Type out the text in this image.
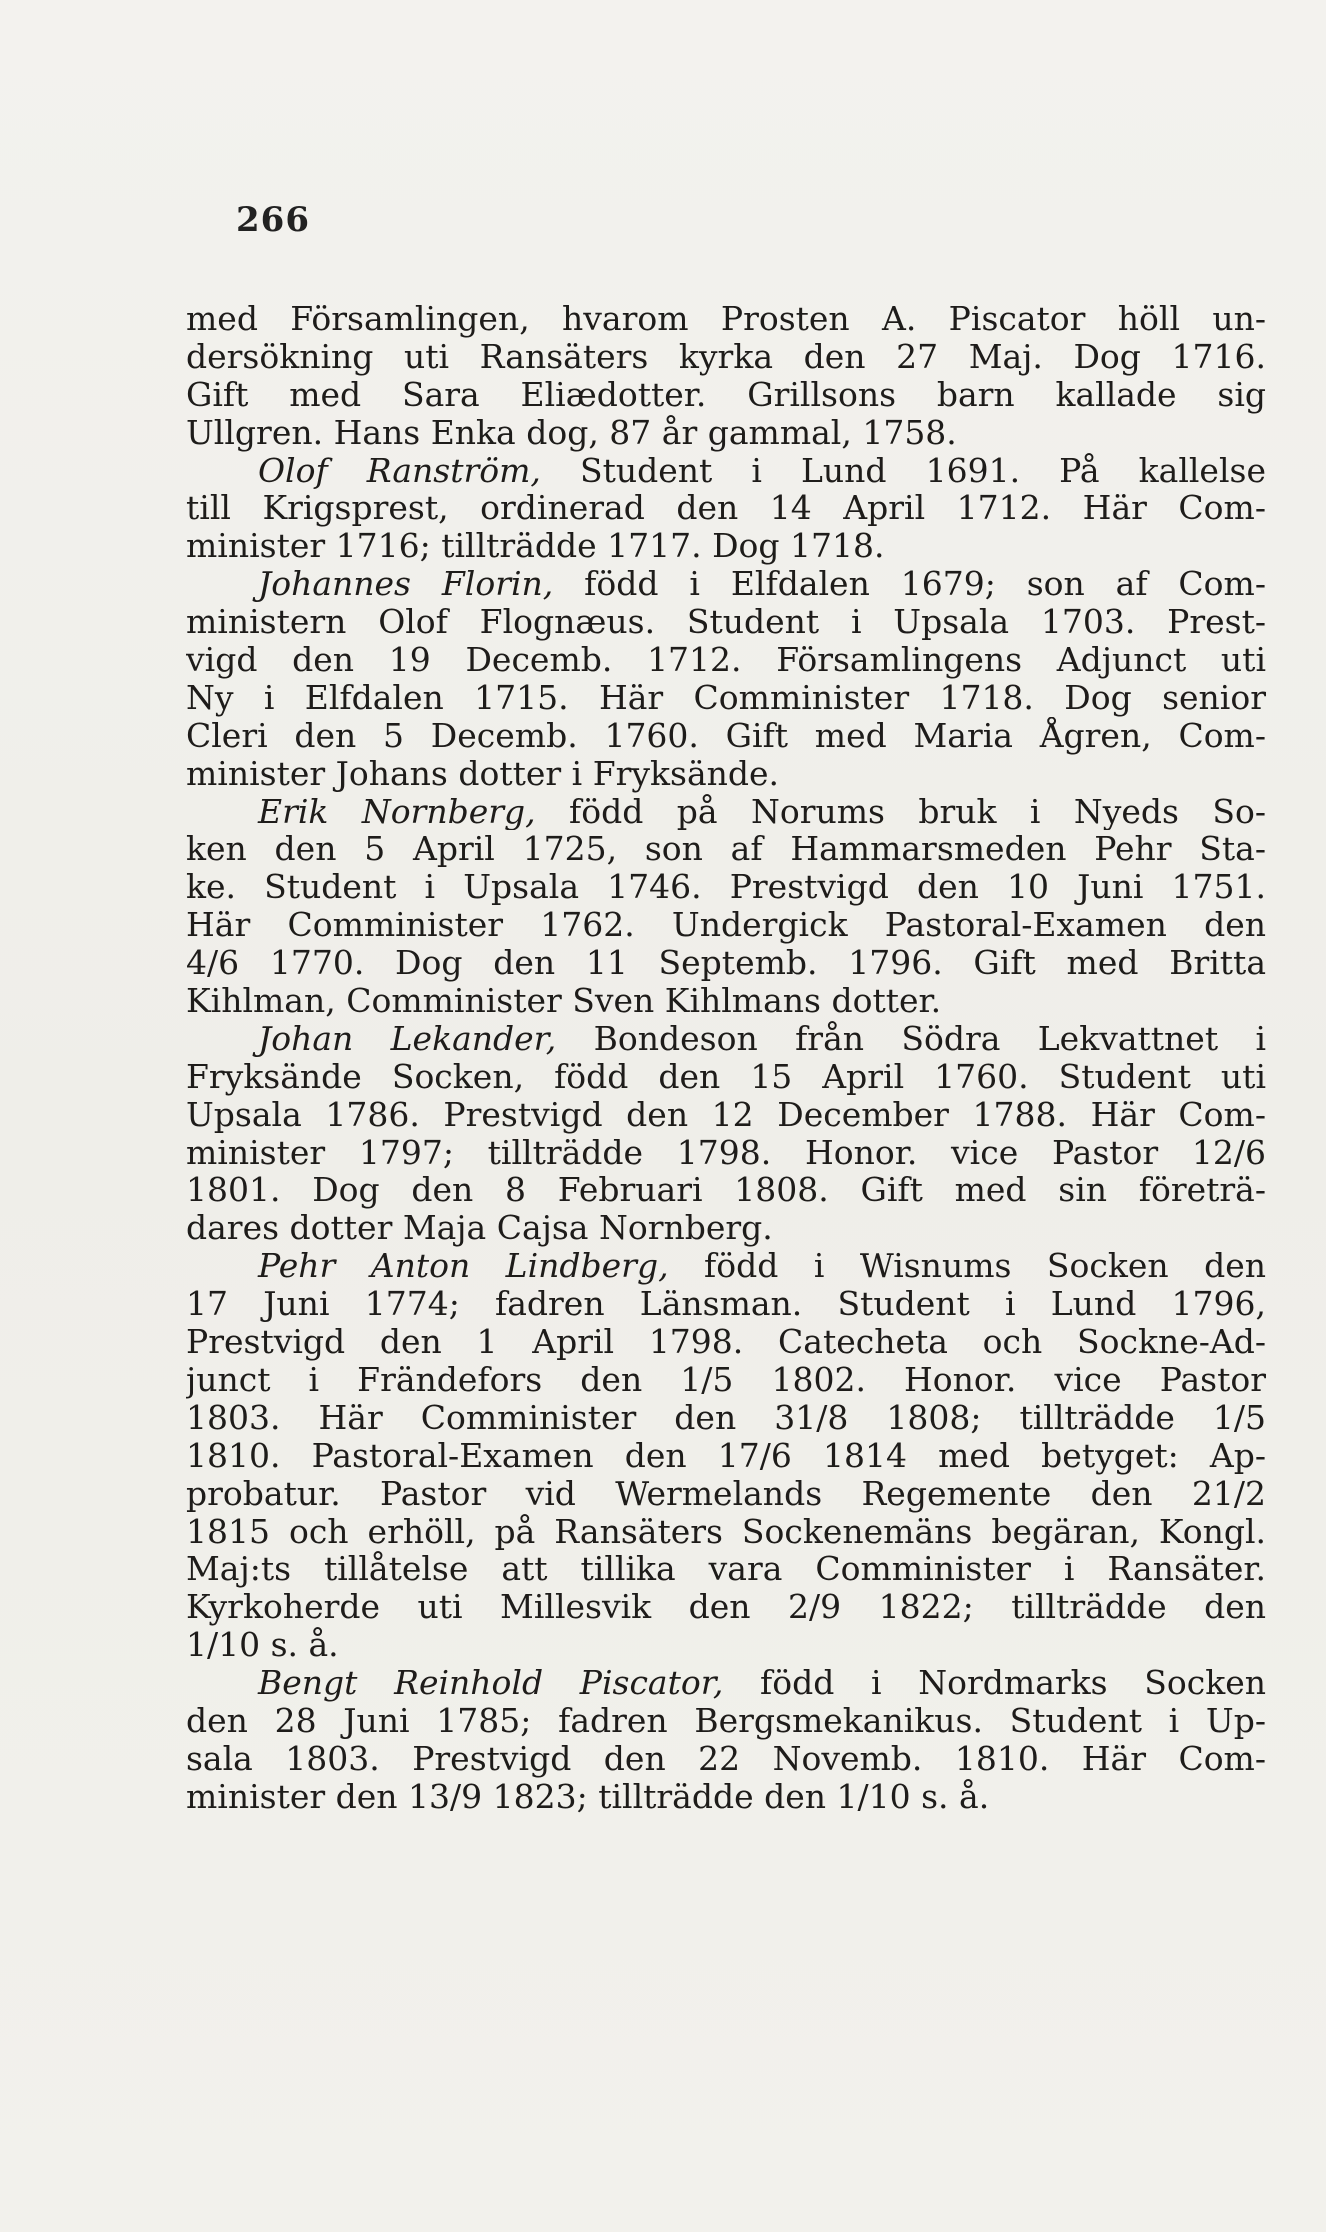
266
med Församlingen, hvarom Prosten A. Piscator höll un-
dersökning uti Ransäters kyrka den 27 Maj. Dog 1716.
Gift med Sara Eliædotter. Grillsons barn kallade sig
Ullgren. Hans Enka dog, 87 år gammal, 1758.
Olof Ranström, Student i Lund 1691. På kallelse
till Krigsprest, ordinerad den 14 April 1712. Här Com-
minister 1716; tillträdde 1717. Dog 1718.
Johannes Florin, född i Elfdalen 1679; son af Com-
ministern Olof Flognæus. Student i Upsala 1703. Prest-
vigd den 19 Decemb. 1712. Församlingens Adjunct uti
Ny i Elfdalen 1715. Här Comminister 1718. Dog senior
Cleri den 5 Decemb. 1760. Gift med Maria Ågren, Com-
minister Johans dotter i Fryksände.
Erik Nornberg, född på Norums bruk i Nyeds So-
ken den 5 April 1725, son af Hammarsmeden Pehr Sta-
ke. Student i Upsala 1746. Prestvigd den 10 Juni 1751.
Här Comminister 1762. Undergick Pastoral-Examen den
4/6 1770. Dog den 11 Septemb. 1796. Gift med Britta
Kihlman, Comminister Sven Kihlmans dotter.
Johan Lekander, Bondeson från Södra Lekvattnet i
Fryksände Socken, född den 15 April 1760. Student uti
Upsala 1786. Prestvigd den 12 December 1788. Här Com-
minister 1797; tillträdde 1798. Honor. vice Pastor 12/6
1801. Dog den 8 Februari 1808. Gift med sin företrä-
dares dotter Maja Cajsa Nornberg.
Pehr Anton Lindberg, född i Wisnums Socken den
17 Juni 1774; fadren Länsman. Student i Lund 1796,
Prestvigd den 1 April 1798. Catecheta och Sockne-Ad-
junct i Frändefors den 1/5 1802. Honor. vice Pastor
1803. Här Comminister den 31/8 1808; tillträdde 1/5
1810. Pastoral-Examen den 17/6 1814 med betyget: Ap-
probatur. Pastor vid Wermelands Regemente den 21/2
1815 och erhöll, på Ransäters Sockenemäns begäran, Kongl.
Maj:ts tillåtelse att tillika vara Comminister i Ransäter.
Kyrkoherde uti Millesvik den 2/9 1822; tillträdde den
1/10 s. å.
Bengt Reinhold Piscator, född i Nordmarks Socken
den 28 Juni 1785; fadren Bergsmekanikus. Student i Up-
sala 1803. Prestvigd den 22 Novemb. 1810. Här Com-
minister den 13/9 1823; tillträdde den 1/10 s. å.
